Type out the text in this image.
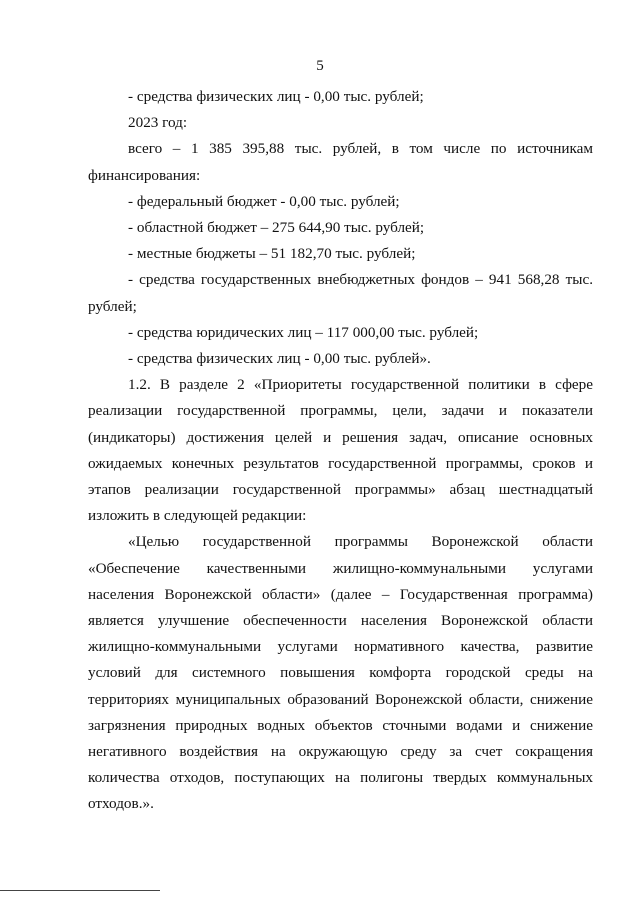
5

- средства физических лиц - 0,00 тыс. рублей;

2023 год:

всего – 1 385 395,88 тыс. рублей, в том числе по источникам финансирования:

- федеральный бюджет - 0,00 тыс. рублей;

- областной бюджет – 275 644,90 тыс. рублей;

- местные бюджеты – 51 182,70 тыс. рублей;

- средства государственных внебюджетных фондов – 941 568,28 тыс. рублей;

- средства юридических лиц – 117 000,00 тыс. рублей;

- средства физических лиц - 0,00 тыс. рублей».

1.2. В разделе 2 «Приоритеты государственной политики в сфере реализации государственной программы, цели, задачи и показатели (индикаторы) достижения целей и решения задач, описание основных ожидаемых конечных результатов государственной программы, сроков и этапов реализации государственной программы» абзац шестнадцатый изложить в следующей редакции:

«Целью государственной программы Воронежской области «Обеспечение качественными жилищно-коммунальными услугами населения Воронежской области» (далее – Государственная программа) является улучшение обеспеченности населения Воронежской области жилищно-коммунальными услугами нормативного качества, развитие условий для системного повышения комфорта городской среды на территориях муниципальных образований Воронежской области, снижение загрязнения природных водных объектов сточными водами и снижение негативного воздействия на окружающую среду за счет сокращения количества отходов, поступающих на полигоны твердых коммунальных отходов.».
